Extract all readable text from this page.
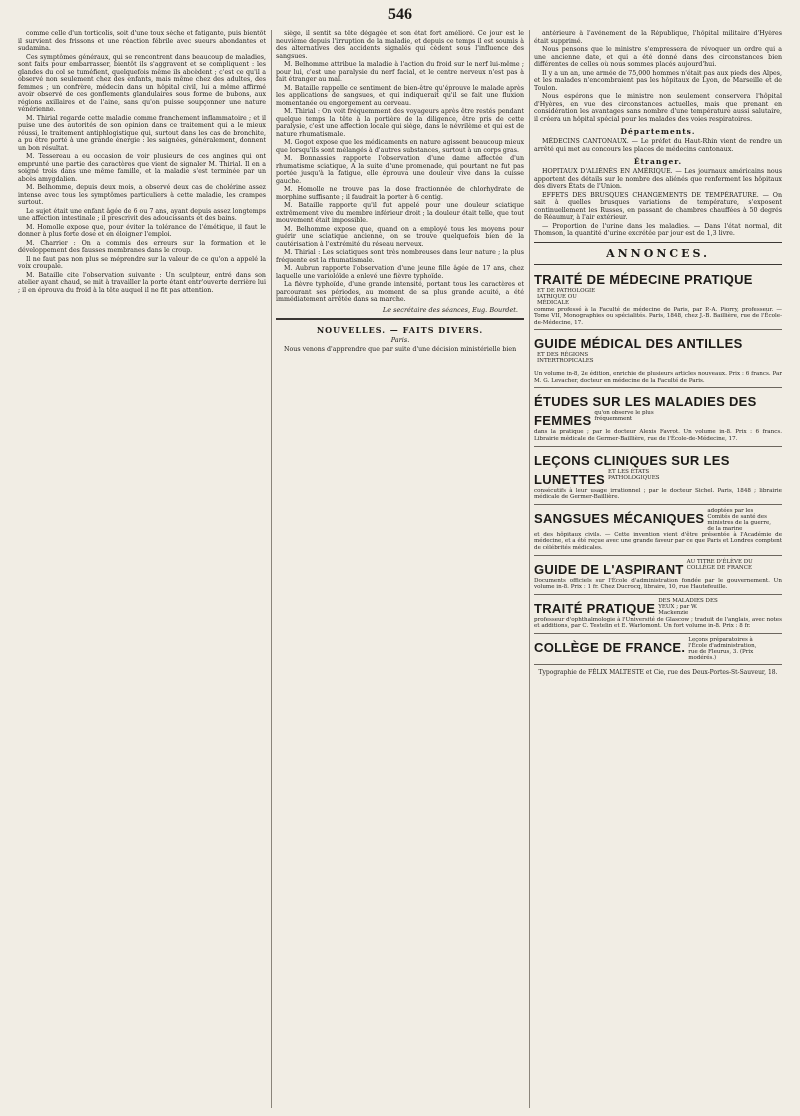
546

comme celle d'un torticolis, soit d'une toux sèche et fatigante, puis bientôt il survient des frissons et une réaction fébrile avec sueurs abondantes et sudamina.

Ces symptômes généraux, qui se rencontrent dans beaucoup de maladies, sont faits pour embarrasser, bientôt ils s'aggravent et se compliquent : les glandes du col se tuméfient, quelquefois même ils abcèdent ; c'est ce qu'il a observé non seulement chez des enfants, mais même chez des adultes, des femmes ; un confrère, médecin dans un hôpital civil, lui a même affirmé avoir observé de ces gonflements glandulaires sous forme de bubons, aux régions axillaires et de l'aine, sans qu'on puisse soupçonner une nature vénérienne.

M. Thirial regarde cette maladie comme franchement inflammatoire ; et il puise une des autorités de son opinion dans ce traitement qui a le mieux réussi, le traitement antiphlogistique qui, surtout dans les cas de bronchite, a pu être porté à une grande énergie : les saignées, généralement, donnent un bon résultat.

M. Tessereau a eu occasion de voir plusieurs de ces angines qui ont emprunté une partie des caractères que vient de signaler M. Thirial. Il en a soigné trois dans une même famille, et la maladie s'est terminée par un abcès amygdalien.

M. Belhomme, depuis deux mois, a observé deux cas de cholérine assez intense avec tous les symptômes particuliers à cette maladie, les crampes surtout.

Le sujet était une enfant âgée de 6 ou 7 ans, ayant depuis assez longtemps une affection intestinale ; il prescrivit des adoucissants et des bains.

M. Homolle expose que, pour éviter la tolérance de l'émétique, il faut le donner à plus forte dose et en éloigner l'emploi.

M. Charrier : On a commis des erreurs sur la formation et le développement des fausses membranes dans le croup.

Il ne faut pas non plus se méprendre sur la valeur de ce qu'on a appelé la voix croupale.

M. Bataille cite l'observation suivante : Un sculpteur, entré dans son atelier ayant chaud, se mit à travailler la porte étant entr'ouverte derrière lui ; il en éprouva du froid à la tête auquel il ne fit pas attention.

siège, il sentit sa tête dégagée et son état fort amélioré. Ce jour est le neuvième depuis l'irruption de la maladie, et depuis ce temps il est soumis à des alternatives des accidents signalés qui cèdent sous l'influence des sangsues.

M. Belhomme attribue la maladie à l'action du froid sur le nerf lui-même ; pour lui, c'est une paralysie du nerf facial, et le centre nerveux n'est pas à fait étranger au mal.

M. Bataille rappelle ce sentiment de bien-être qu'éprouve le malade après les applications de sangsues, et qui indiquerait qu'il se fait une fluxion momentanée ou engorgement au cerveau.

M. Thirial : On voit fréquemment des voyageurs après être restés pendant quelque temps la tête à la portière de la diligence, être pris de cette paralysie, c'est une affection locale qui siège, dans le névrilème et qui est de nature rhumatismale.

M. Gogot expose que les médicaments en nature agissent beaucoup mieux que lorsqu'ils sont mélangés à d'autres substances, surtout à un corps gras.

M. Bonnassies rapporte l'observation d'une dame affectée d'un rhumatisme sciatique, A la suite d'une promenade, qui pourtant ne fut pas portée jusqu'à la fatigue, elle éprouva une douleur vive dans la cuisse gauche.

M. Homolle ne trouve pas la dose fractionnée de chlorhydrate de morphine suffisante ; il faudrait la porter à 6 centig.

M. Bataille rapporte qu'il fut appelé pour une douleur sciatique extrêmement vive du membre inférieur droit ; la douleur était telle, que tout mouvement était impossible.

M. Belhomme expose que, quand on a employé tous les moyens pour guérir une sciatique ancienne, on se trouve quelquefois bien de la cautérisation à l'extrémité du réseau nerveux.

M. Thirial : Les sciatiques sont très nombreuses dans leur nature ; la plus fréquente est la rhumatismale.

M. Aubrun rapporte l'observation d'une jeune fille âgée de 17 ans, chez laquelle une variolóïde a enlevé une fièvre typhoïde.

La fièvre typhoïde, d'une grande intensité, portant tous les caractères et parcourant ses périodes, au moment de sa plus grande acuité, a été immédiatement arrêtée dans sa marche.

Le secrétaire des séances, Eug. Bourdet.
NOUVELLES. — FAITS DIVERS.
Paris.

Nous venons d'apprendre que par suite d'une décision ministérielle bien

antérieure à l'avénement de la République, l'hôpital militaire d'Hyères était supprimé.

Nous pensons que le ministre s'empressera de révoquer un ordre qui a une ancienne date, et qui a été donné dans des circonstances bien différentes de celles où nous sommes placés aujourd'hui.

Il y a un an, une armée de 75,000 hommes n'était pas aux pieds des Alpes, et les malades n'encombraient pas les hôpitaux de Lyon, de Marseille et de Toulon.

Nous espérons que le ministre non seulement conservera l'hôpital d'Hyères, en vue des circonstances actuelles, mais que prenant en considération les avantages sans nombre d'une température aussi salutaire, il créera un hôpital spécial pour les malades des voies respiratoires.

Départements.

MÉDECINS CANTONAUX. — Le préfet du Haut-Rhin vient de rendre un arrêté qui met au concours les places de médecins cantonaux.

Étranger.

HOPITAUX D'ALIÉNÉS EN AMÉRIQUE. — Les journaux américains nous apportent des détails sur le nombre des aliénés que renferment les hôpitaux des divers États de l'Union.

EFFETS DES BRUSQUES CHANGEMENTS DE TEMPÉRATURE. — On sait à quelles brusques variations de température, s'exposent continuellement les Russes, en passant de chambres chauffées à 50 degrés de Réaumur, à l'air extérieur.

— Proportion de l'urine dans les maladies. — Dans l'état normal, dit Thomson, la quantité d'urine excrétée par jour est de 1,3 livre.

ANNONCES.
TRAITÉ DE MÉDECINE PRATIQUEET DE PATHOLOGIE IATRIQUE OU MÉDICALE
comme professé à la Faculté de médecine de Paris, par P.-A. Piorry, professeur. — Tome VII, Monographies ou spécialités. Paris, 1848, chez J.-B. Baillière, rue de l'École-de-Médecine, 17.
GUIDE MÉDICAL DES ANTILLESET DES RÉGIONS INTERTROPICALES
Un volume in-8, 2e édition, enrichie de plusieurs articles nouveaux. Prix : 6 francs. Par M. G. Levacher, docteur en médecine de la Faculté de Paris.
ÉTUDES SUR LES MALADIES DES FEMMES qu'on observe le plus fréquemment
dans la pratique ; par le docteur Alexis Favrot. Un volume in-8. Prix : 6 francs. Librairie médicale de Germer-Baillière, rue de l'École-de-Médecine, 17.
LEÇONS CLINIQUES SUR LES LUNETTES ET LES ÉTATS PATHOLOGIQUES
consécutifs à leur usage irrationnel ; par le docteur Sichel. Paris, 1848 ; librairie médicale de Germer-Baillière.
SANGSUES MÉCANIQUES adoptées par les Comités de santé des ministres de la guerre, de la marine
et des hôpitaux civils. — Cette invention vient d'être présentée à l'Académie de médecine, et a été reçue avec une grande faveur par ce que Paris et Londres comptent de célébrités médicales.
GUIDE DE L'ASPIRANT AU TITRE D'ÉLÈVE DU COLLÈGE DE FRANCE
Documents officiels sur l'École d'administration fondée par le gouvernement. Un volume in-8. Prix : 1 fr. Chez Ducrocq, libraire, 10, rue Hautefeuille.
TRAITÉ PRATIQUE DES MALADIES DES YEUX ; par W. Mackenzie
professeur d'ophthalmologie à l'Université de Glascow ; traduit de l'anglais, avec notes et additions, par C. Testelin et E. Warlomont. Un fort volume in-8. Prix : 8 fr.
COLLÈGE DE FRANCE. Leçons préparatoires à l'École d'administration, rue de Fleurus, 3. (Prix modérés.)
Typographie de FÉLIX MALTESTE et Cie, rue des Deux-Portes-St-Sauveur, 18.
